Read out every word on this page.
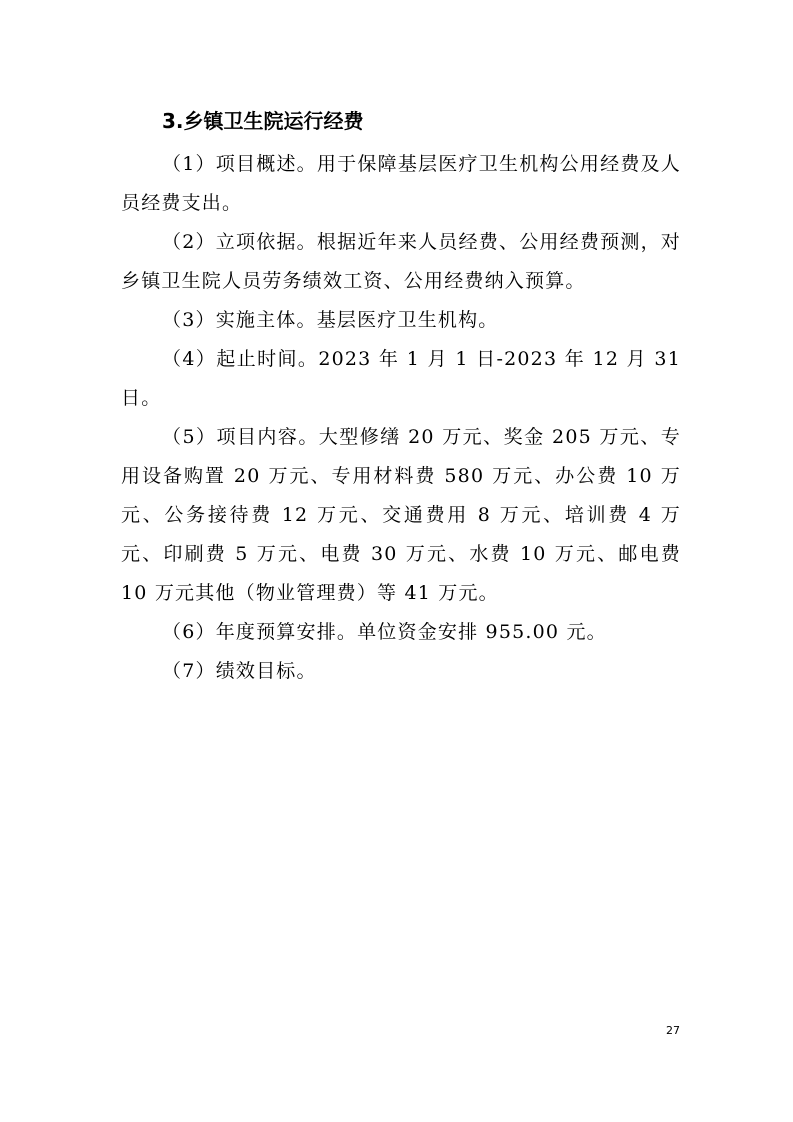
3.乡镇卫生院运行经费

（1）项目概述。用于保障基层医疗卫生机构公用经费及人员经费支出。

（2）立项依据。根据近年来人员经费、公用经费预测，对乡镇卫生院人员劳务绩效工资、公用经费纳入预算。

（3）实施主体。基层医疗卫生机构。

（4）起止时间。2023 年 1 月 1 日-2023 年 12 月 31 日。

（5）项目内容。大型修缮 20 万元、奖金 205 万元、专用设备购置 20 万元、专用材料费 580 万元、办公费 10 万元、公务接待费 12 万元、交通费用 8 万元、培训费 4 万元、印刷费 5 万元、电费 30 万元、水费 10 万元、邮电费 10 万元其他（物业管理费）等 41 万元。

（6）年度预算安排。单位资金安排 955.00 元。

（7）绩效目标。

27
